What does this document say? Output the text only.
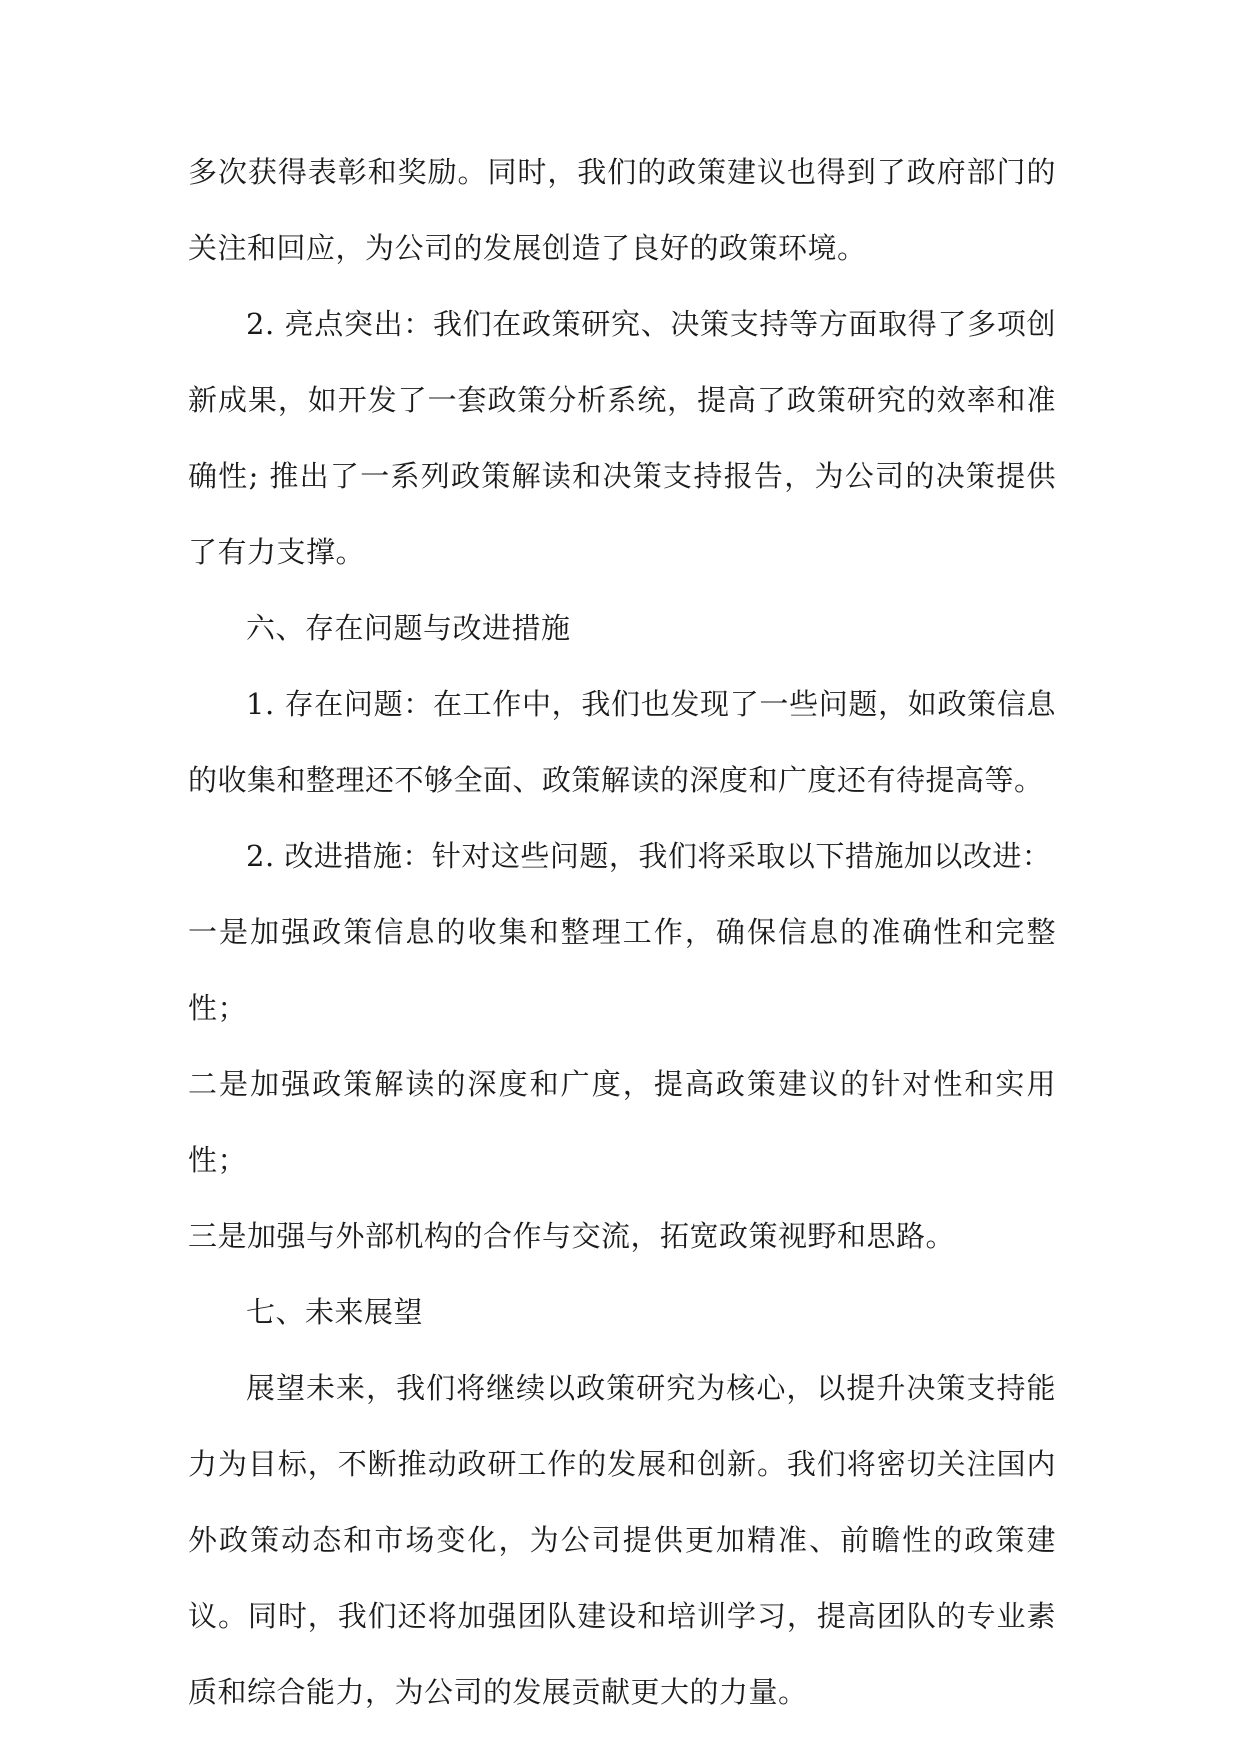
多次获得表彰和奖励。同时，我们的政策建议也得到了政府部门的关注和回应，为公司的发展创造了良好的政策环境。

2. 亮点突出：我们在政策研究、决策支持等方面取得了多项创新成果，如开发了一套政策分析系统，提高了政策研究的效率和准确性; 推出了一系列政策解读和决策支持报告，为公司的决策提供了有力支撑。

六、存在问题与改进措施

1. 存在问题：在工作中，我们也发现了一些问题，如政策信息的收集和整理还不够全面、政策解读的深度和广度还有待提高等。

2. 改进措施：针对这些问题，我们将采取以下措施加以改进：

一是加强政策信息的收集和整理工作，确保信息的准确性和完整性；

二是加强政策解读的深度和广度，提高政策建议的针对性和实用性；

三是加强与外部机构的合作与交流，拓宽政策视野和思路。

七、未来展望

展望未来，我们将继续以政策研究为核心，以提升决策支持能力为目标，不断推动政研工作的发展和创新。我们将密切关注国内外政策动态和市场变化，为公司提供更加精准、前瞻性的政策建议。同时，我们还将加强团队建设和培训学习，提高团队的专业素质和综合能力，为公司的发展贡献更大的力量。
